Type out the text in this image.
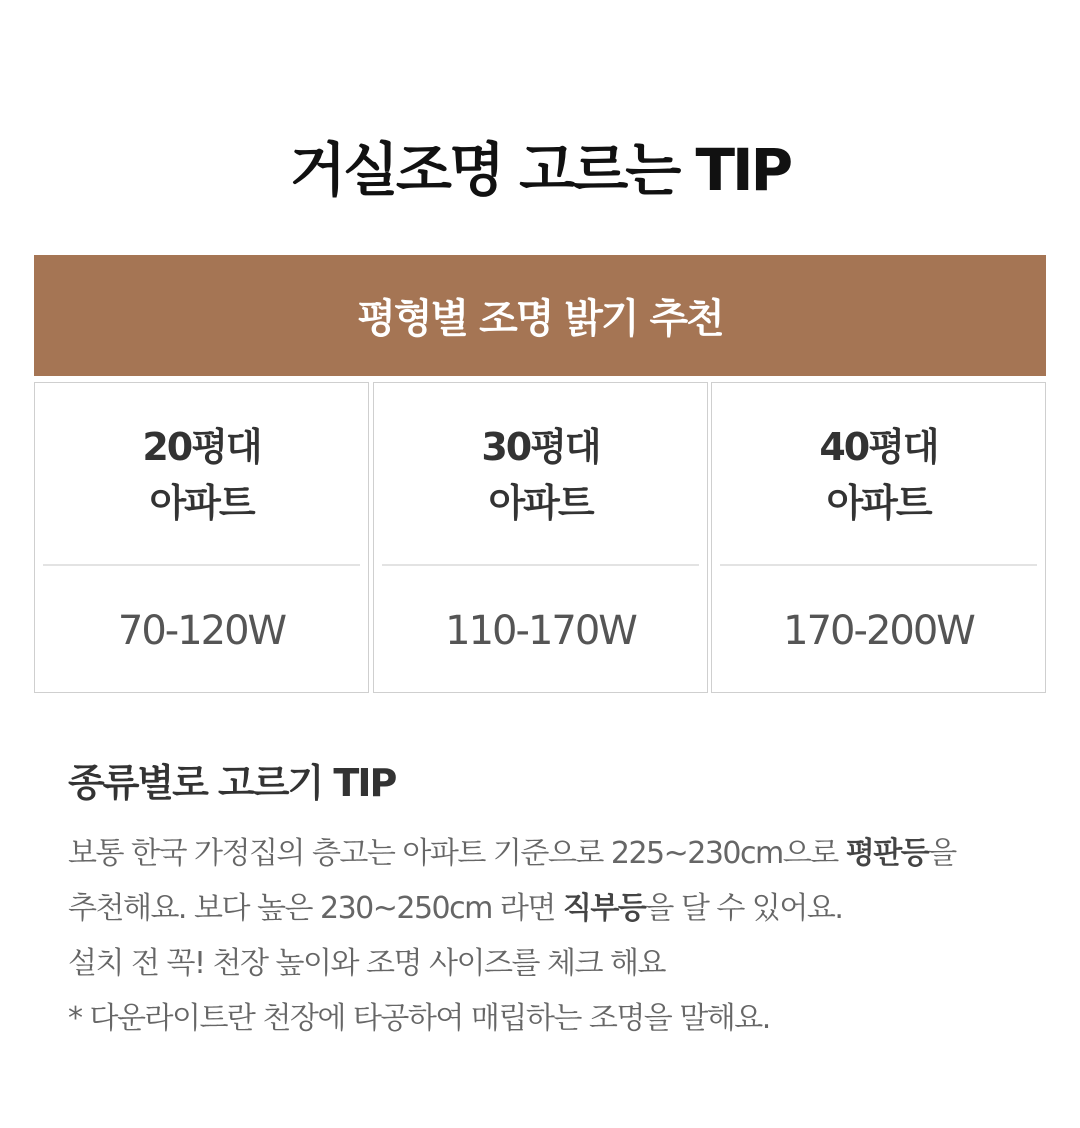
거실조명 고르는 TIP
평형별 조명 밝기 추천
20평대
아파트
70-120W
30평대
아파트
110-170W
40평대
아파트
170-200W
종류별로 고르기 TIP
보통 한국 가정집의 층고는 아파트 기준으로 225~230cm으로 평판등을
추천해요. 보다 높은 230~250cm 라면 직부등을 달 수 있어요.
설치 전 꼭! 천장 높이와 조명 사이즈를 체크 해요
* 다운라이트란 천장에 타공하여 매립하는 조명을 말해요.
